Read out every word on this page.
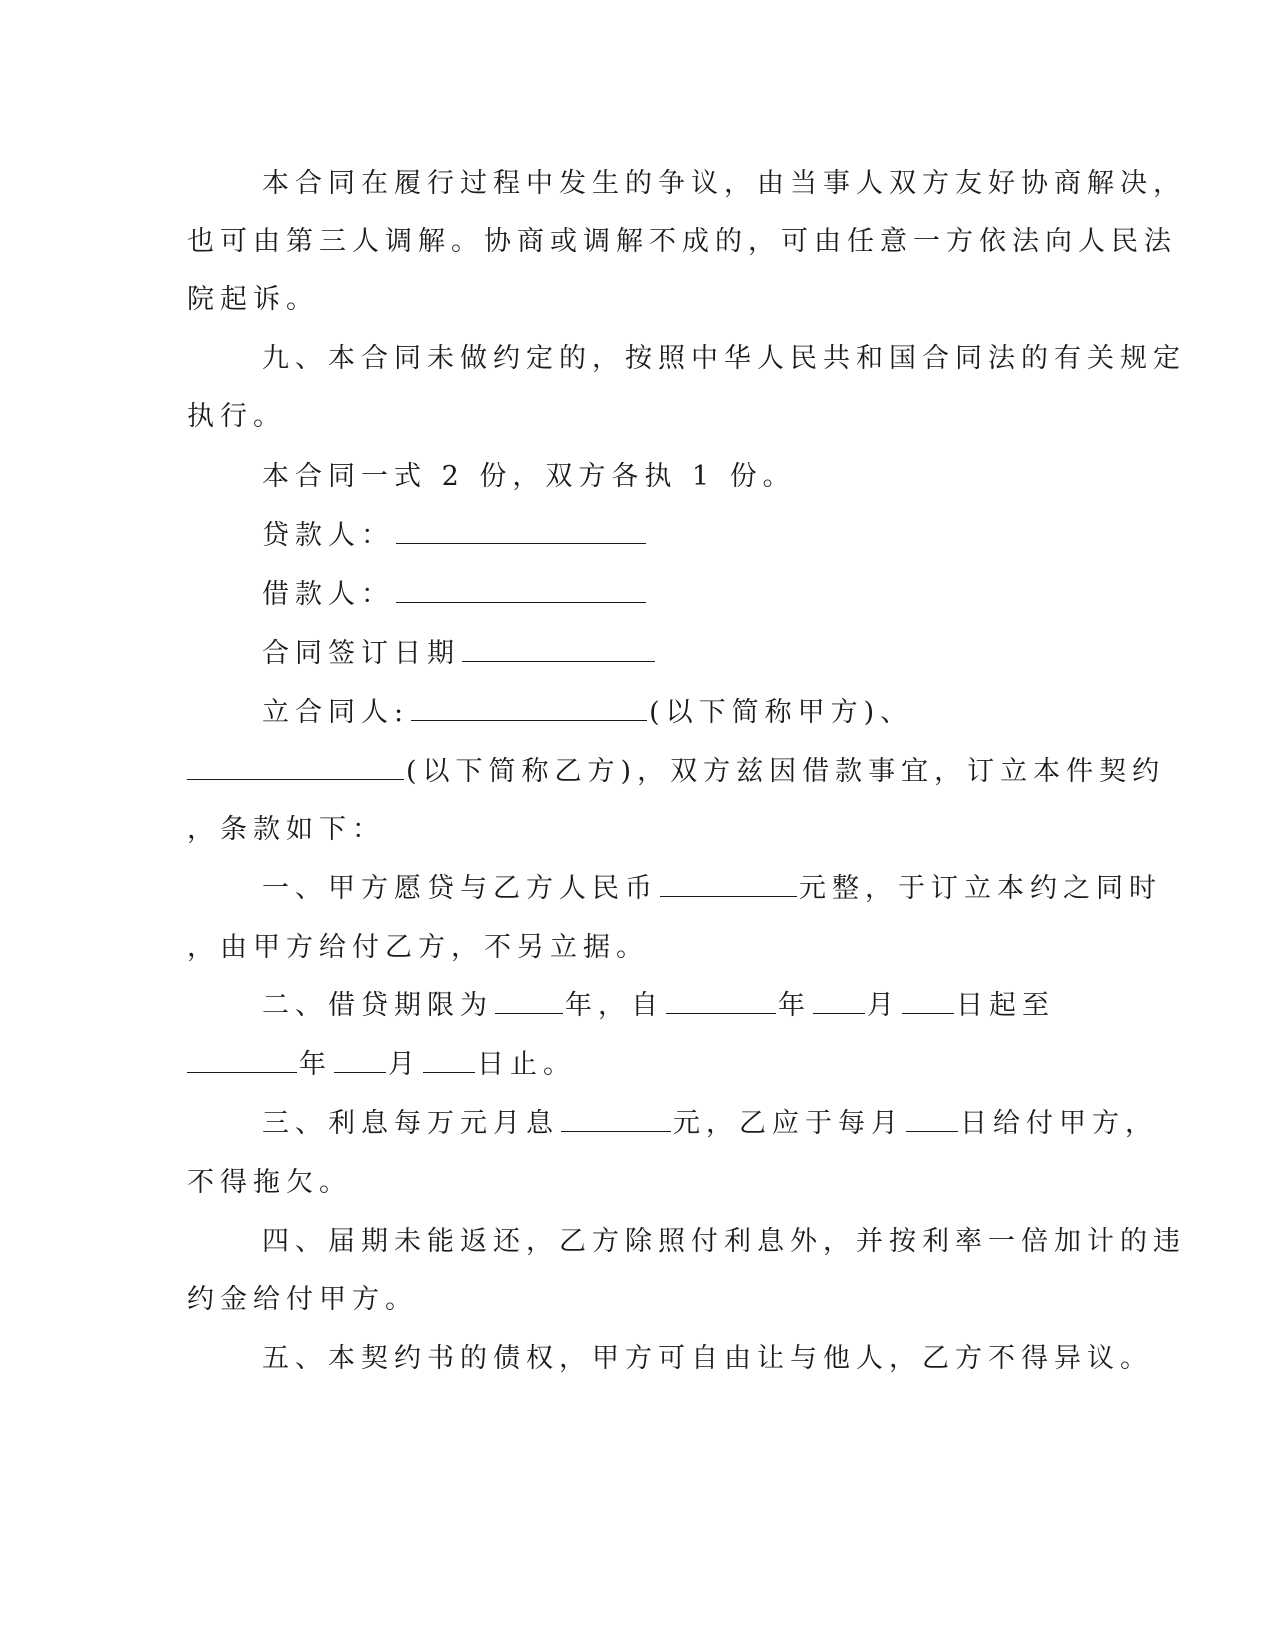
本合同在履行过程中发生的争议，由当事人双方友好协商解决，
也可由第三人调解。协商或调解不成的，可由任意一方依法向人民法
院起诉。
九、本合同未做约定的，按照中华人民共和国合同法的有关规定
执行。
本合同一式 2 份，双方各执 1 份。
贷款人：
借款人：
合同签订日期
立合同人:	(以下简称甲方)、
(以下简称乙方)，双方兹因借款事宜，订立本件契约
，条款如下：
一、甲方愿贷与乙方人民币	元整，于订立本约之同时
，由甲方给付乙方，不另立据。
二、借贷期限为	年，自	年 月 日起至
年 月 日止。
三、利息每万元月息	元，乙应于每月 日给付甲方，
不得拖欠。
四、届期未能返还，乙方除照付利息外，并按利率一倍加计的违
约金给付甲方。
五、本契约书的债权，甲方可自由让与他人，乙方不得异议。
